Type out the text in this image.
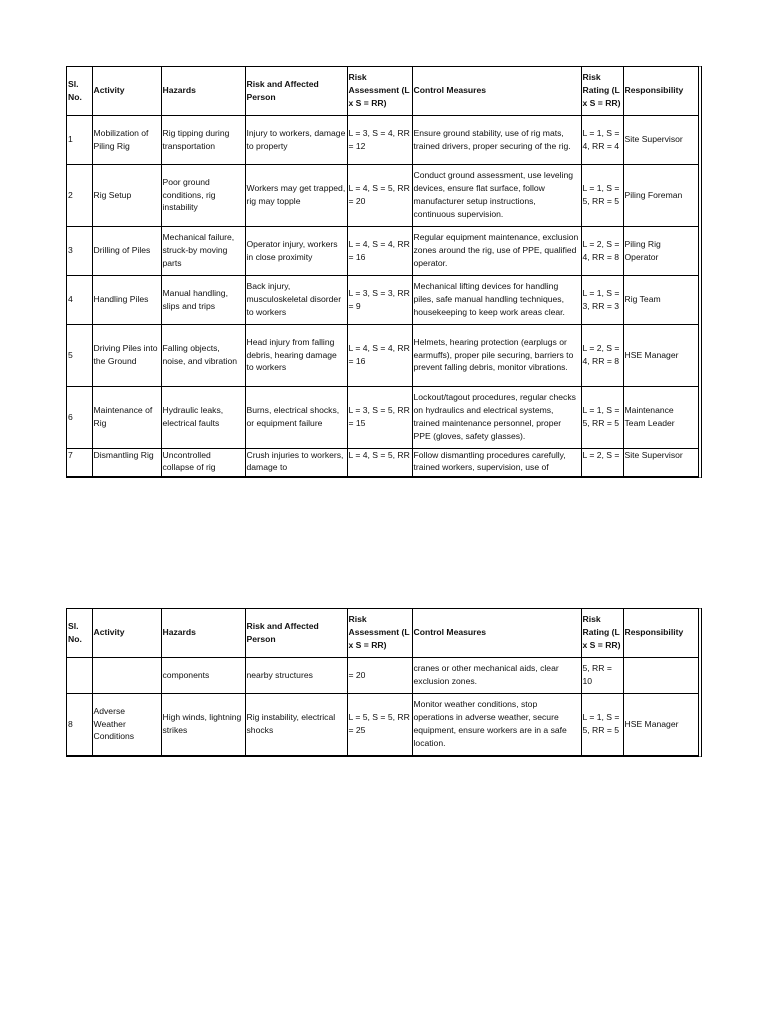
Sl. No.	Activity	Hazards	Risk and Affected Person	Risk Assessment (L x S = RR)	Control Measures	Risk Rating (L x S = RR)	Responsibility
1	Mobilization of Piling Rig	Rig tipping during transportation	Injury to workers, damage to property	L = 3, S = 4, RR = 12	Ensure ground stability, use of rig mats, trained drivers, proper securing of the rig.	L = 1, S = 4, RR = 4	Site Supervisor
2	Rig Setup	Poor ground conditions, rig instability	Workers may get trapped, rig may topple	L = 4, S = 5, RR = 20	Conduct ground assessment, use leveling devices, ensure flat surface, follow manufacturer setup instructions, continuous supervision.	L = 1, S = 5, RR = 5	Piling Foreman
3	Drilling of Piles	Mechanical failure, struck-by moving parts	Operator injury, workers in close proximity	L = 4, S = 4, RR = 16	Regular equipment maintenance, exclusion zones around the rig, use of PPE, qualified operator.	L = 2, S = 4, RR = 8	Piling Rig Operator
4	Handling Piles	Manual handling, slips and trips	Back injury, musculoskeletal disorder to workers	L = 3, S = 3, RR = 9	Mechanical lifting devices for handling piles, safe manual handling techniques, housekeeping to keep work areas clear.	L = 1, S = 3, RR = 3	Rig Team
5	Driving Piles into the Ground	Falling objects, noise, and vibration	Head injury from falling debris, hearing damage to workers	L = 4, S = 4, RR = 16	Helmets, hearing protection (earplugs or earmuffs), proper pile securing, barriers to prevent falling debris, monitor vibrations.	L = 2, S = 4, RR = 8	HSE Manager
6	Maintenance of Rig	Hydraulic leaks, electrical faults	Burns, electrical shocks, or equipment failure	L = 3, S = 5, RR = 15	Lockout/tagout procedures, regular checks on hydraulics and electrical systems, trained maintenance personnel, proper PPE (gloves, safety glasses).	L = 1, S = 5, RR = 5	Maintenance Team Leader
7	Dismantling Rig	Uncontrolled collapse of rig	Crush injuries to workers, damage to	L = 4, S = 5, RR	Follow dismantling procedures carefully, trained workers, supervision, use of	L = 2, S =	Site Supervisor
Sl. No.	Activity	Hazards	Risk and Affected Person	Risk Assessment (L x S = RR)	Control Measures	Risk Rating (L x S = RR)	Responsibility
		components	nearby structures	= 20	cranes or other mechanical aids, clear exclusion zones.	5, RR = 10	
8	Adverse Weather Conditions	High winds, lightning strikes	Rig instability, electrical shocks	L = 5, S = 5, RR = 25	Monitor weather conditions, stop operations in adverse weather, secure equipment, ensure workers are in a safe location.	L = 1, S = 5, RR = 5	HSE Manager
